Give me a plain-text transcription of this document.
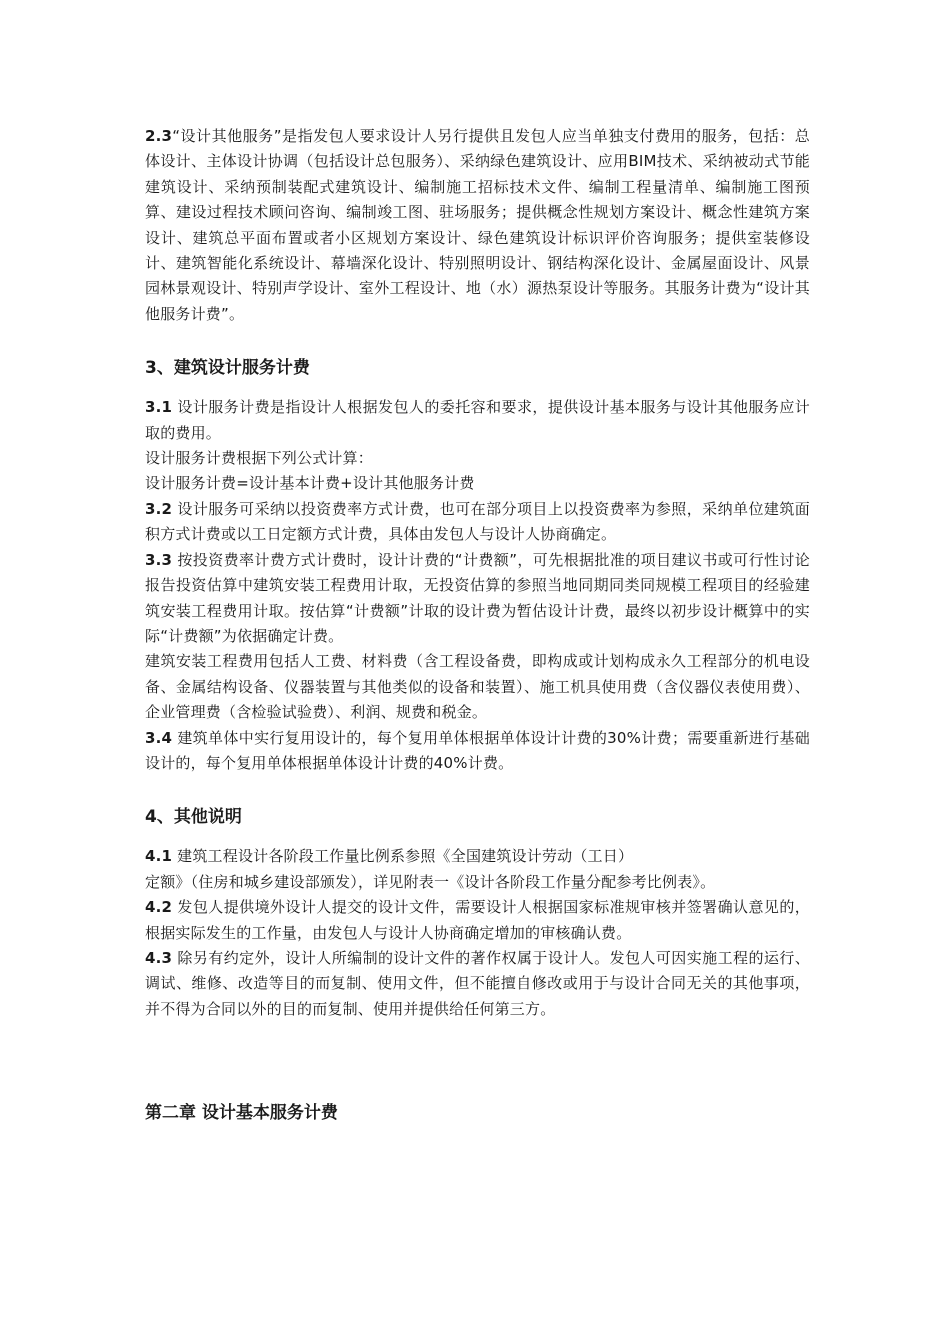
2.3“设计其他服务”是指发包人要求设计人另行提供且发包人应当单独支付费用的服务，包括：总体设计、主体设计协调（包括设计总包服务）、采纳绿色建筑设计、应用BIM技术、采纳被动式节能建筑设计、采纳预制装配式建筑设计、编制施工招标技术文件、编制工程量清单、编制施工图预算、建设过程技术顾问咨询、编制竣工图、驻场服务；提供概念性规划方案设计、概念性建筑方案设计、建筑总平面布置或者小区规划方案设计、绿色建筑设计标识评价咨询服务；提供室装修设计、建筑智能化系统设计、幕墙深化设计、特别照明设计、钢结构深化设计、金属屋面设计、风景园林景观设计、特别声学设计、室外工程设计、地（水）源热泵设计等服务。其服务计费为“设计其他服务计费”。

3、建筑设计服务计费

3.1 设计服务计费是指设计人根据发包人的委托容和要求，提供设计基本服务与设计其他服务应计取的费用。

设计服务计费根据下列公式计算：

设计服务计费=设计基本计费+设计其他服务计费

3.2 设计服务可采纳以投资费率方式计费，也可在部分项目上以投资费率为参照，采纳单位建筑面积方式计费或以工日定额方式计费，具体由发包人与设计人协商确定。

3.3 按投资费率计费方式计费时，设计计费的“计费额”，可先根据批准的项目建议书或可行性讨论报告投资估算中建筑安装工程费用计取，无投资估算的参照当地同期同类同规模工程项目的经验建筑安装工程费用计取。按估算“计费额”计取的设计费为暂估设计计费，最终以初步设计概算中的实际“计费额”为依据确定计费。

建筑安装工程费用包括人工费、材料费（含工程设备费，即构成或计划构成永久工程部分的机电设备、金属结构设备、仪器装置与其他类似的设备和装置）、施工机具使用费（含仪器仪表使用费）、企业管理费（含检验试验费）、利润、规费和税金。

3.4 建筑单体中实行复用设计的，每个复用单体根据单体设计计费的30%计费；需要重新进行基础设计的，每个复用单体根据单体设计计费的40%计费。

4、其他说明

4.1 建筑工程设计各阶段工作量比例系参照《全国建筑设计劳动（工日）
定额》（住房和城乡建设部颁发），详见附表一《设计各阶段工作量分配参考比例表》。

4.2 发包人提供境外设计人提交的设计文件，需要设计人根据国家标准规审核并签署确认意见的，根据实际发生的工作量，由发包人与设计人协商确定增加的审核确认费。

4.3 除另有约定外，设计人所编制的设计文件的著作权属于设计人。发包人可因实施工程的运行、调试、维修、改造等目的而复制、使用文件，但不能擅自修改或用于与设计合同无关的其他事项，并不得为合同以外的目的而复制、使用并提供给任何第三方。

第二章 设计基本服务计费
